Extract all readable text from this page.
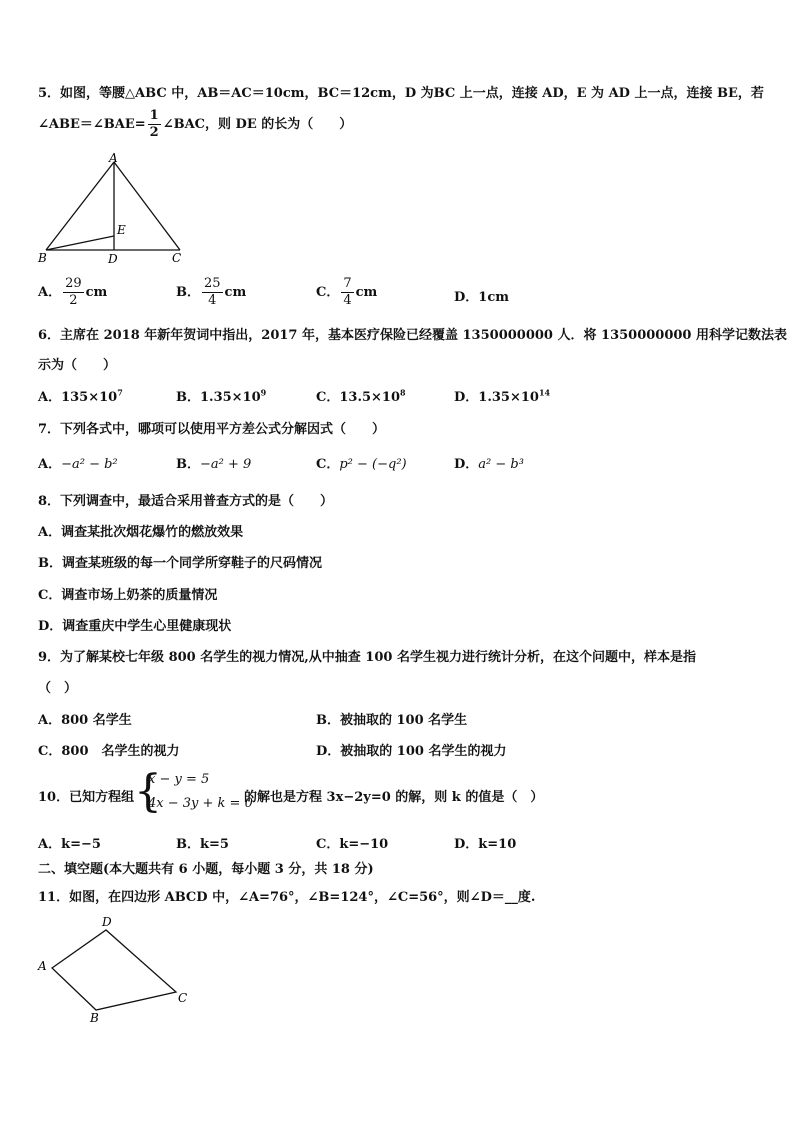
5．如图，等腰△ABC 中，AB＝AC＝10cm，BC＝12cm，D 为BC 上一点，连接 AD，E 为 AD 上一点，连接 BE，若
∠ABE＝∠BAE= $\frac{1}{2}$ ∠BAC，则 DE 的长为（　　）
A
B	C
D
E
A． $\frac{29}{2}$ cm	B． $\frac{25}{4}$ cm	C． $\frac{7}{4}$ cm	D．1cm
6．主席在 2018 年新年贺词中指出，2017 年，基本医疗保险已经覆盖 1350000000 人．将 1350000000 用科学记数法表
示为（　　）
A．$135\times 10^7$	B．$1.35\times 10^9$	C．$13.5\times 10^8$	D．$1.35\times 10^{14}$
7．下列各式中，哪项可以使用平方差公式分解因式（　　）
A．−a² − b²	B．−a² + 9	C．p² − (−q²)	D．a² − b³
8．下列调查中，最适合采用普查方式的是（　　）
A．调查某批次烟花爆竹的燃放效果
B．调查某班级的每一个同学所穿鞋子的尺码情况
C．调查市场上奶茶的质量情况
D．调查重庆中学生心里健康现状
9．为了解某校七年级 800 名学生的视力情况,从中抽查 100 名学生视力进行统计分析，在这个问题中，样本是指
（　）
A．800 名学生	B．被抽取的 100 名学生
C．800　名学生的视力	D．被抽取的 100 名学生的视力
10．已知方程组 {
x − y = 5
4x − 3y + k = 0
的解也是方程 3x−2y=0 的解，则 k 的值是（　）
A．k=−5	B．k=5	C．k=−10	D．k=10
二、填空题(本大题共有 6 小题，每小题 3 分，共 18 分)
11．如图，在四边形 ABCD 中，∠A=76°，∠B=124°，∠C=56°，则∠D＝__度.
A
D
C
B
